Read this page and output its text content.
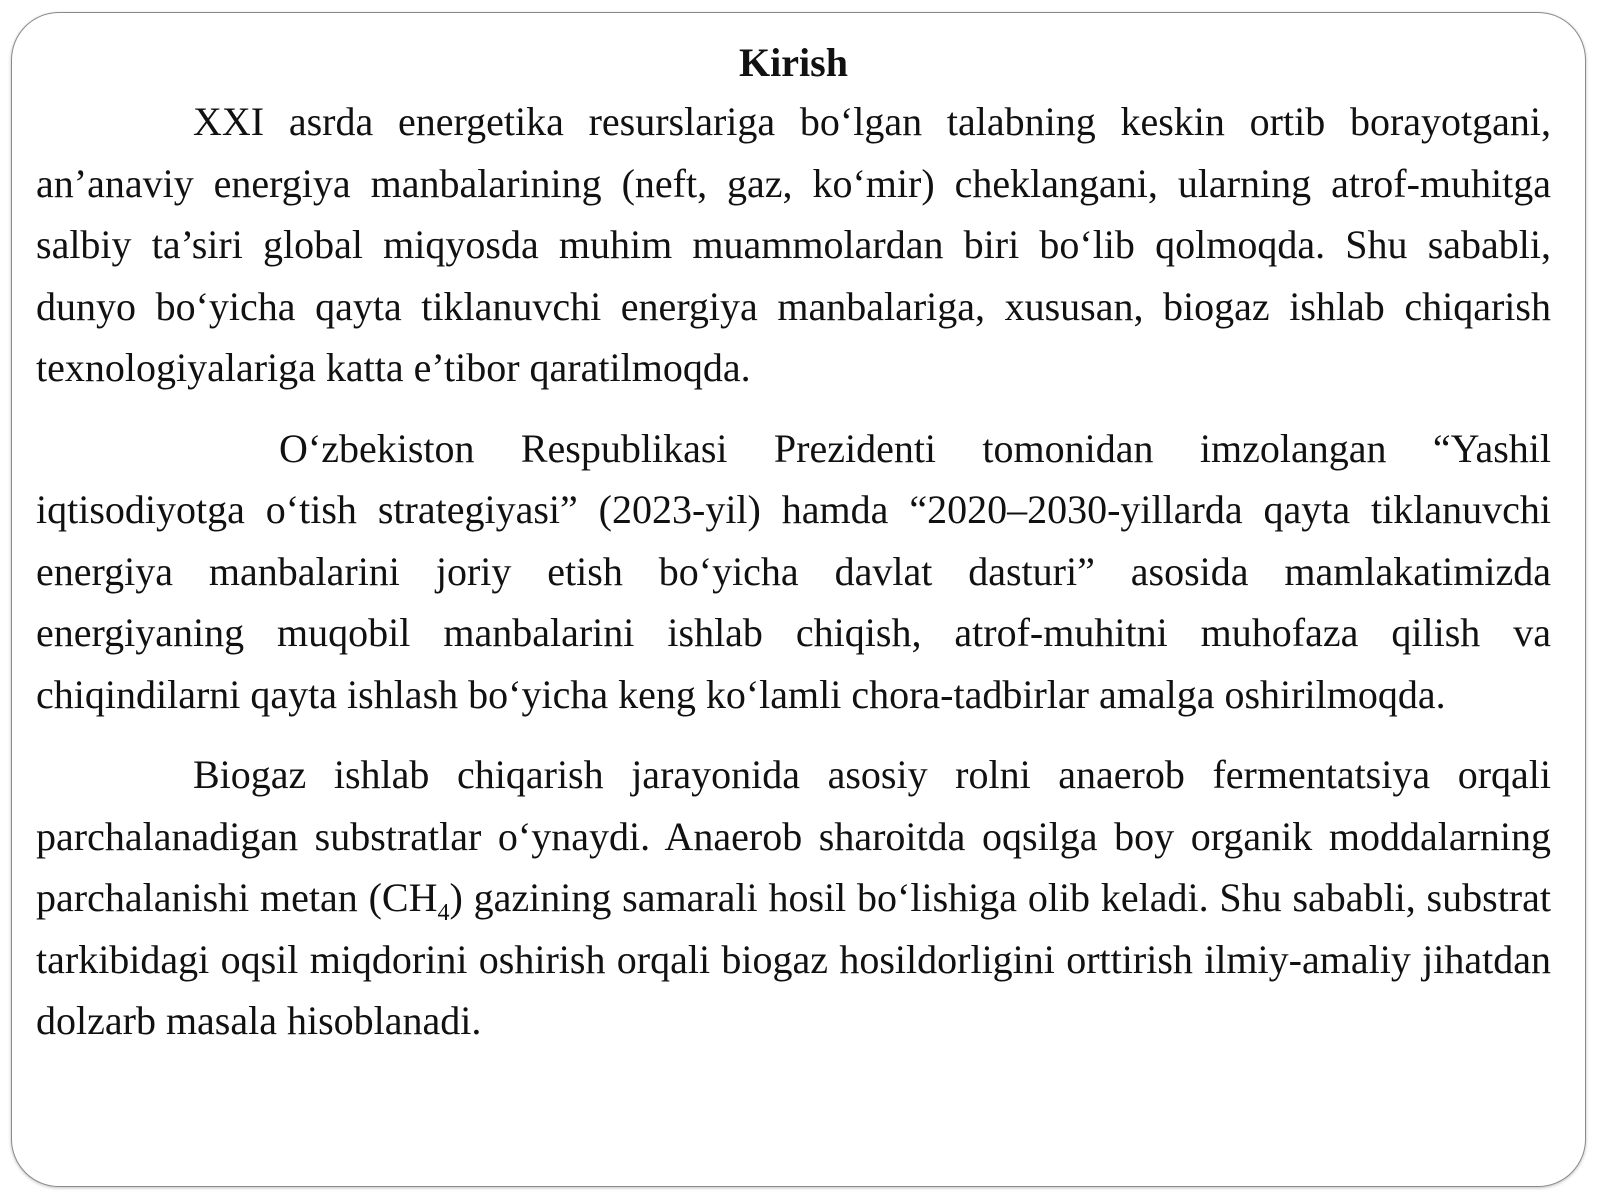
Kirish

XXI asrda energetika resurslariga bo‘lgan talabning keskin ortib borayotgani, an’anaviy energiya manbalarining (neft, gaz, ko‘mir) cheklangani, ularning atrof-muhitga salbiy ta’siri global miqyosda muhim muammolardan biri bo‘lib qolmoqda. Shu sababli, dunyo bo‘yicha qayta tiklanuvchi energiya manbalariga, xususan, biogaz ishlab chiqarish texnologiyalariga katta e’tibor qaratilmoqda.

O‘zbekiston Respublikasi Prezidenti tomonidan imzolangan “Yashil iqtisodiyotga o‘tish strategiyasi” (2023-yil) hamda “2020–2030-yillarda qayta tiklanuvchi energiya manbalarini joriy etish bo‘yicha davlat dasturi” asosida mamlakatimizda energiyaning muqobil manbalarini ishlab chiqish, atrof-muhitni muhofaza qilish va chiqindilarni qayta ishlash bo‘yicha keng ko‘lamli chora-tadbirlar amalga oshirilmoqda.

Biogaz ishlab chiqarish jarayonida asosiy rolni anaerob fermentatsiya orqali parchalanadigan substratlar o‘ynaydi. Anaerob sharoitda oqsilga boy organik moddalarning parchalanishi metan $(CH_4)$ gazining samarali hosil bo‘lishiga olib keladi. Shu sababli, substrat tarkibidagi oqsil miqdorini oshirish orqali biogaz hosildorligini orttirish ilmiy-amaliy jihatdan dolzarb masala hisoblanadi.
